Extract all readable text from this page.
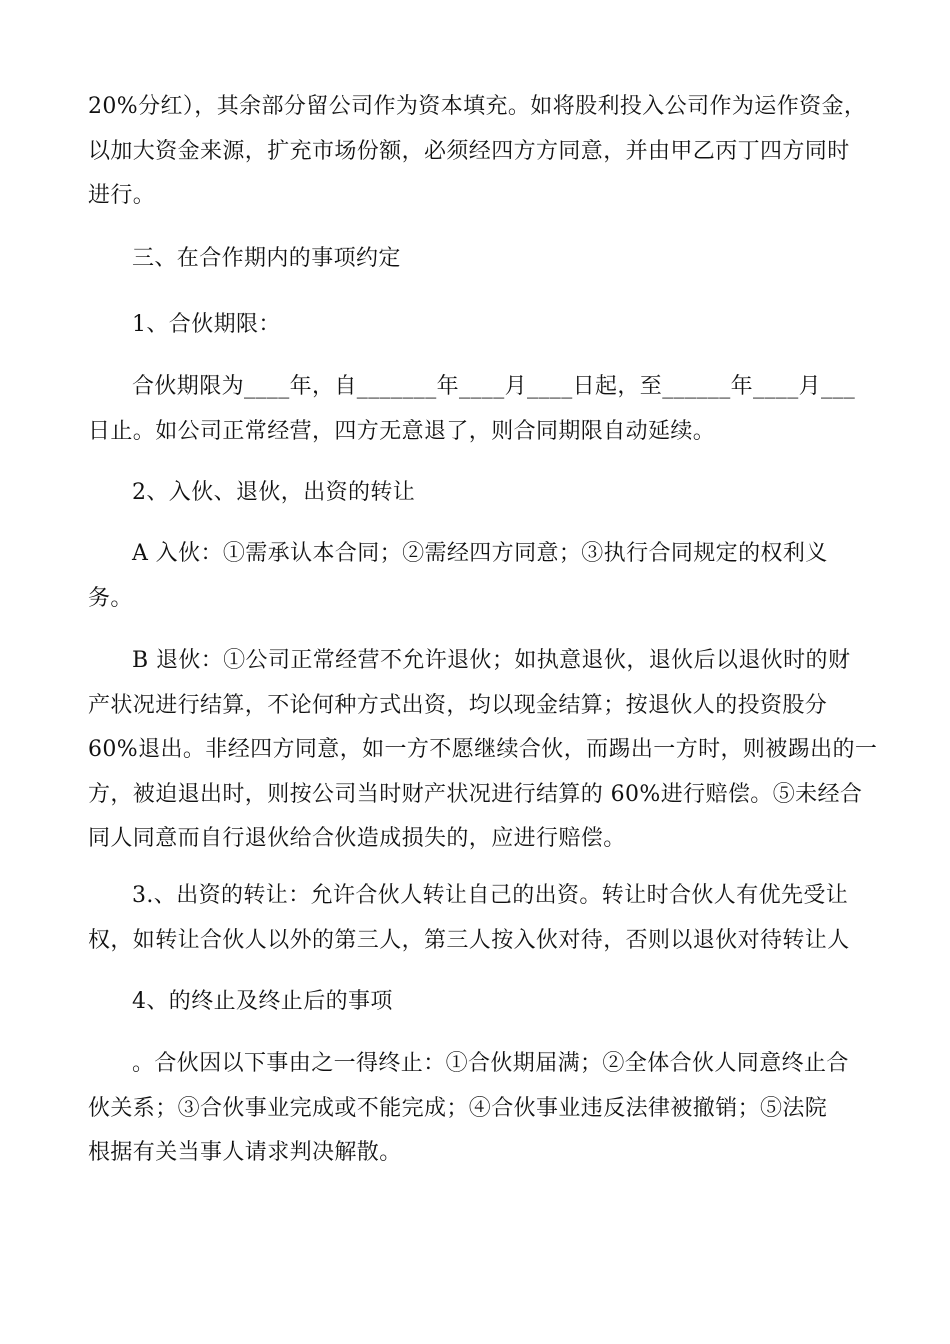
20%分红），其余部分留公司作为资本填充。如将股利投入公司作为运作资金，
以加大资金来源，扩充市场份额，必须经四方方同意，并由甲乙丙丁四方同时
进行。
三、在合作期内的事项约定
1、合伙期限：
合伙期限为____年，自_______年____月____日起，至______年____月___
日止。如公司正常经营，四方无意退了，则合同期限自动延续。
2、入伙、退伙，出资的转让
A 入伙：①需承认本合同；②需经四方同意；③执行合同规定的权利义
务。
B 退伙：①公司正常经营不允许退伙；如执意退伙，退伙后以退伙时的财
产状况进行结算，不论何种方式出资，均以现金结算；按退伙人的投资股分
60%退出。非经四方同意，如一方不愿继续合伙，而踢出一方时，则被踢出的一
方，被迫退出时，则按公司当时财产状况进行结算的 60%进行赔偿。⑤未经合
同人同意而自行退伙给合伙造成损失的，应进行赔偿。
3.、出资的转让：允许合伙人转让自己的出资。转让时合伙人有优先受让
权，如转让合伙人以外的第三人，第三人按入伙对待，否则以退伙对待转让人
4、的终止及终止后的事项
。合伙因以下事由之一得终止：①合伙期届满；②全体合伙人同意终止合
伙关系；③合伙事业完成或不能完成；④合伙事业违反法律被撤销；⑤法院
根据有关当事人请求判决解散。
